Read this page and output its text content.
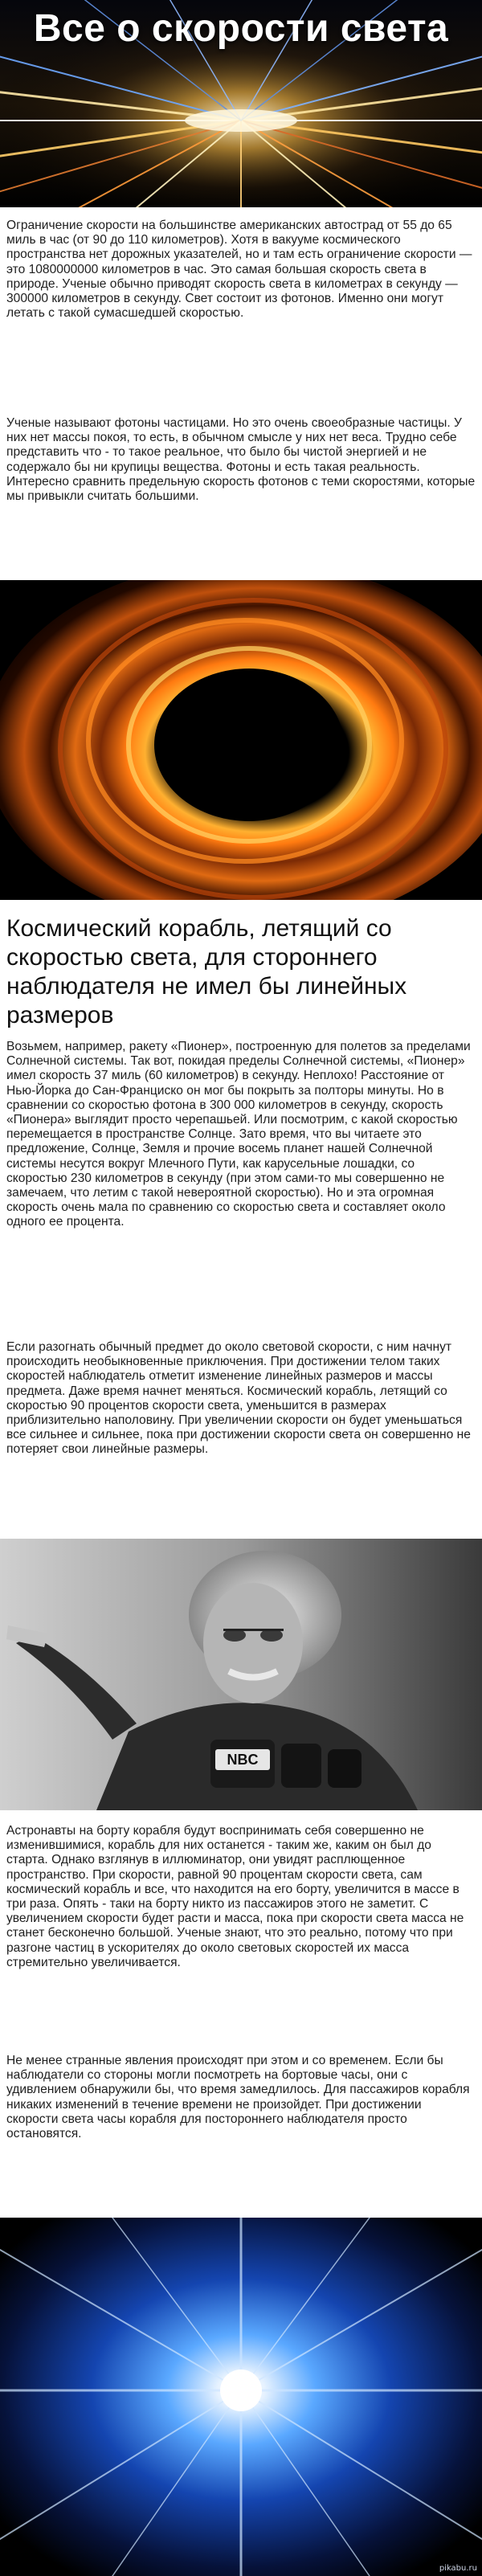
Все о скорости света

Ограничение скорости на большинстве американских автострад от 55 до 65 миль в час (от 90 до 110 километров). Хотя в вакууме космического пространства нет дорожных указателей, но и там есть ограничение скорости — это 1080000000 километров в час. Это самая большая скорость света в природе. Ученые обычно приводят скорость света в километрах в секунду — 300000 километров в секунду. Свет состоит из фотонов. Именно они могут летать с такой сумасшедшей скоростью.

Ученые называют фотоны частицами. Но это очень своеобразные частицы. У них нет массы покоя, то есть, в обычном смысле у них нет веса. Трудно себе представить что - то такое реальное, что было бы чистой энергией и не содержало бы ни крупицы вещества. Фотоны и есть такая реальность. Интересно сравнить предельную скорость фотонов с теми скоростями, которые мы привыкли считать большими.

Космический корабль, летящий со скоростью света, для стороннего наблюдателя не имел бы линейных размеров

Возьмем, например, ракету «Пионер», построенную для полетов за пределами Солнечной системы. Так вот, покидая пределы Солнечной системы, «Пионер» имел скорость 37 миль (60 километров) в секунду. Неплохо! Расстояние от Нью-Йорка до Сан-Франциско он мог бы покрыть за полторы минуты. Но в сравнении со скоростью фотона в 300 000 километров в секунду, скорость «Пионера» выглядит просто черепашьей. Или посмотрим, с какой скоростью перемещается в пространстве Солнце. Зато время, что вы читаете это предложение, Солнце, Земля и прочие восемь планет нашей Солнечной системы несутся вокруг Млечного Пути, как карусельные лошадки, со скоростью 230 километров в секунду (при этом сами-то мы совершенно не замечаем, что летим с такой невероятной скоростью). Но и эта огромная скорость очень мала по сравнению со скоростью света и составляет около одного ее процента.

Если разогнать обычный предмет до около световой скорости, с ним начнут происходить необыкновенные приключения. При достижении телом таких скоростей наблюдатель отметит изменение линейных размеров и массы предмета. Даже время начнет меняться. Космический корабль, летящий со скоростью 90 процентов скорости света, уменьшится в размерах приблизительно наполовину. При увеличении скорости он будет уменьшаться все сильнее и сильнее, пока при достижении скорости света он совершенно не потеряет свои линейные размеры.

NBC

Астронавты на борту корабля будут воспринимать себя совершенно не изменившимися, корабль для них останется - таким же, каким он был до старта. Однако взглянув в иллюминатор, они увидят расплющенное пространство. При скорости, равной 90 процентам скорости света, сам космический корабль и все, что находится на его борту, увеличится в массе в три раза. Опять - таки на борту никто из пассажиров этого не заметит. С увеличением скорости будет расти и масса, пока при скорости света масса не станет бесконечно большой. Ученые знают, что это реально, потому что при разгоне частиц в ускорителях до около световых скоростей их масса стремительно увеличивается.

Не менее странные явления происходят при этом и со временем. Если бы наблюдатели со стороны могли посмотреть на бортовые часы, они с удивлением обнаружили бы, что время замедлилось. Для пассажиров корабля никаких изменений в течение времени не произойдет. При достижении скорости света часы корабля для постороннего наблюдателя просто остановятся.

pikabu.ru
